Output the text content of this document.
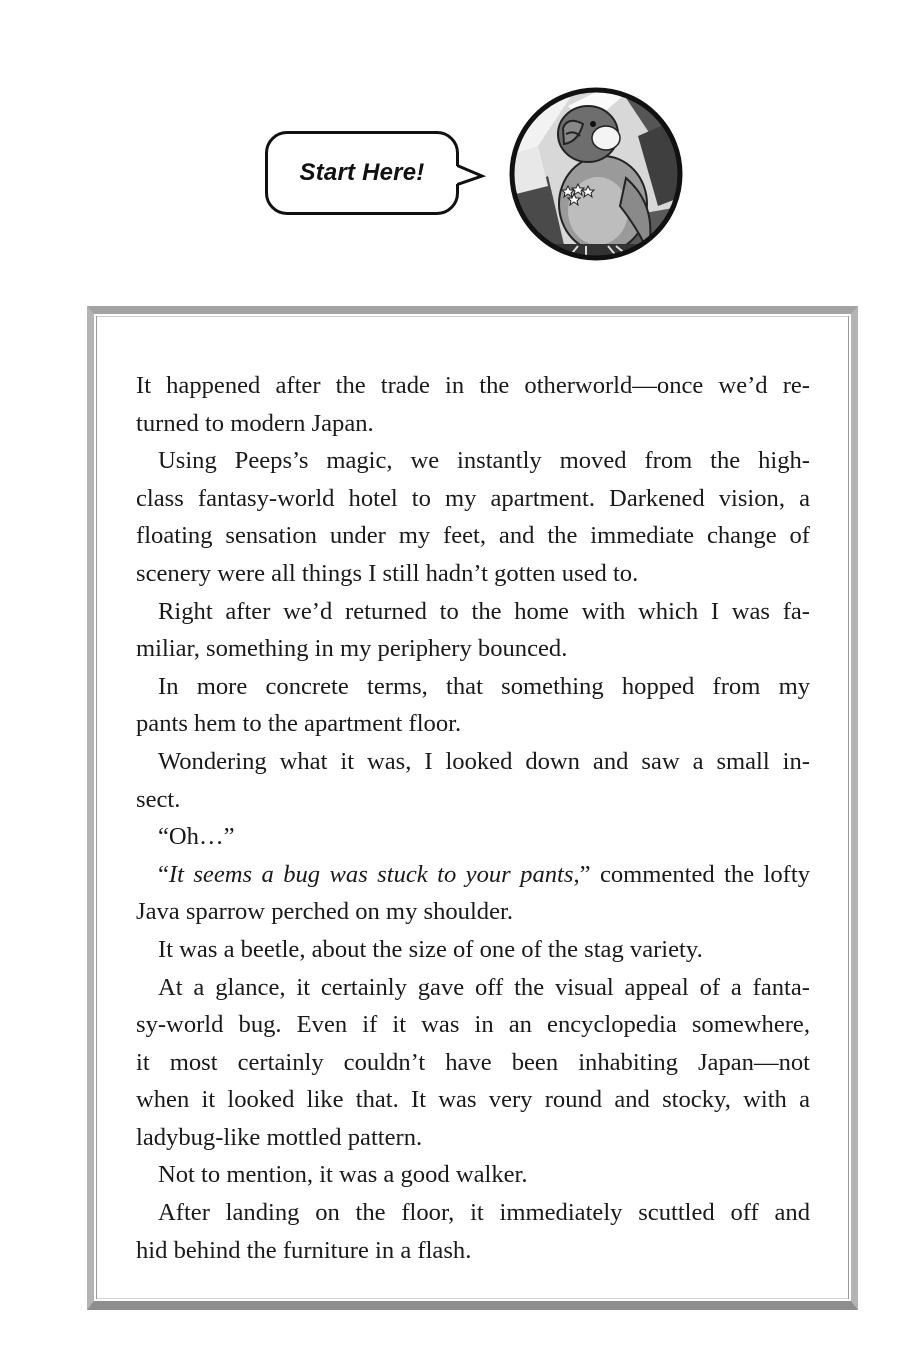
Start Here!
It happened after the trade in the otherworld—once we’d re-
turned to modern Japan.
Using Peeps’s magic, we instantly moved from the high-
class fantasy-world hotel to my apartment. Darkened vision, a
floating sensation under my feet, and the immediate change of
scenery were all things I still hadn’t gotten used to.
Right after we’d returned to the home with which I was fa-
miliar, something in my periphery bounced.
In more concrete terms, that something hopped from my
pants hem to the apartment floor.
Wondering what it was, I looked down and saw a small in-
sect.
“Oh…”
“It seems a bug was stuck to your pants,” commented the lofty
Java sparrow perched on my shoulder.
It was a beetle, about the size of one of the stag variety.
At a glance, it certainly gave off the visual appeal of a fanta-
sy-world bug. Even if it was in an encyclopedia somewhere,
it most certainly couldn’t have been inhabiting Japan—not
when it looked like that. It was very round and stocky, with a
ladybug-like mottled pattern.
Not to mention, it was a good walker.
After landing on the floor, it immediately scuttled off and
hid behind the furniture in a flash.
